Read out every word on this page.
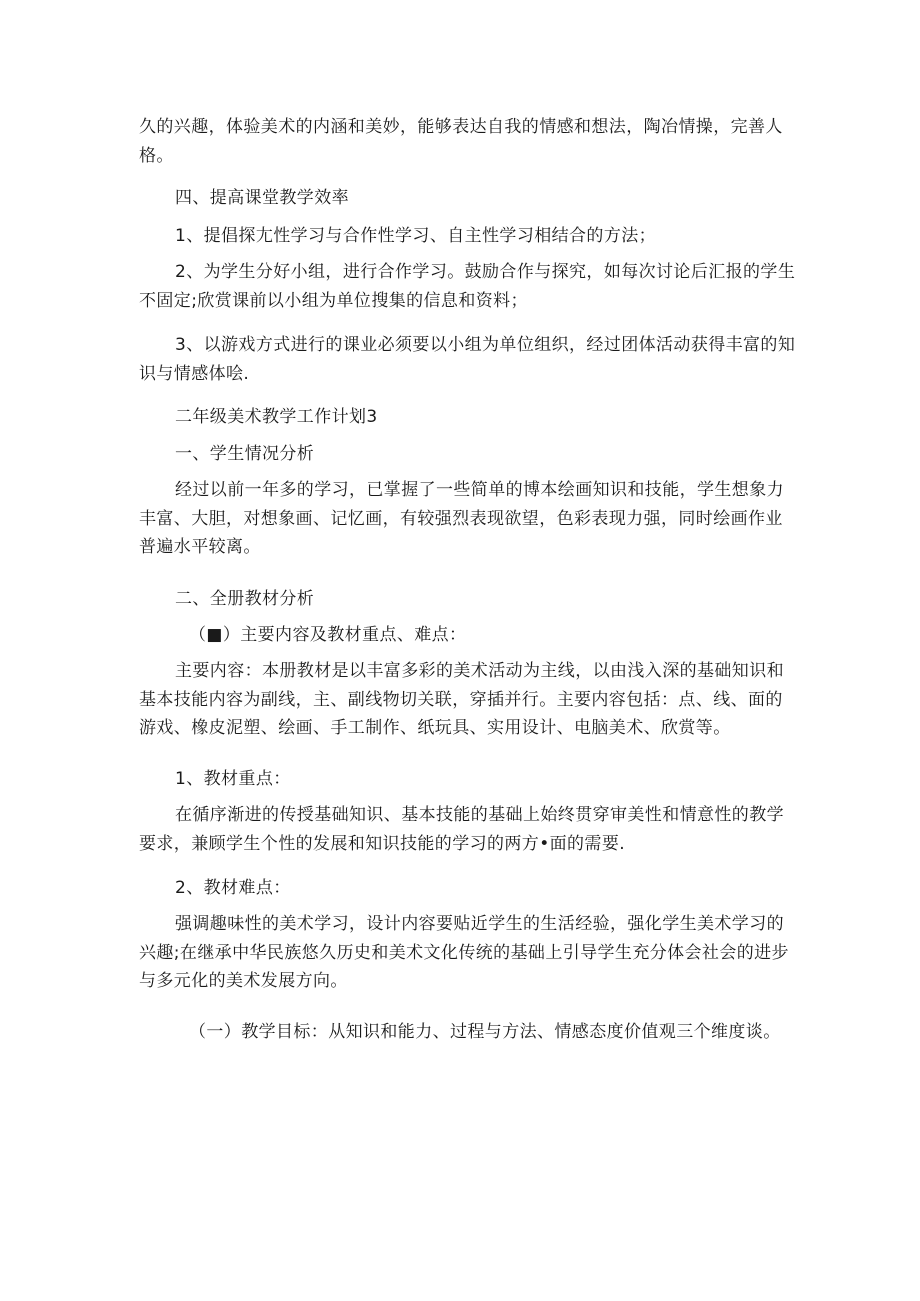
久的兴趣，体验美术的内涵和美妙，能够表达自我的情感和想法，陶冶情操，完善人
格。
四、提高课堂教学效率
1、提倡探尢性学习与合作性学习、自主性学习相结合的方法；
2、为学生分好小组，进行合作学习。鼓励合作与探究，如每次讨论后汇报的学生
不固定;欣赏课前以小组为单位搜集的信息和资料；
3、以游戏方式进行的课业必须要以小组为单位组织，经过团体活动获得丰富的知
识与情感体哙.
二年级美术教学工作计划3
一、学生情况分析
经过以前一年多的学习，已掌握了一些简单的博本绘画知识和技能，学生想象力
丰富、大胆，对想象画、记忆画，有较强烈表现欲望，色彩表现力强，同时绘画作业
普遍水平较离。
二、全册教材分析
（■）主要内容及教材重点、难点：
主要内容：本册教材是以丰富多彩的美术活动为主线，以由浅入深的基础知识和
基本技能内容为副线，主、副线物切关联，穿插并行。主要内容包括：点、线、面的
游戏、橡皮泥塑、绘画、手工制作、纸玩具、实用设计、电脑美术、欣赏等。
1、教材重点：
在循序渐进的传授基础知识、基本技能的基础上始终贯穿审美性和情意性的教学
要求，兼顾学生个性的发展和知识技能的学习的两方•面的需要.
2、教材难点：
强调趣味性的美术学习，设计内容要贴近学生的生活经验，强化学生美术学习的
兴趣;在继承中华民族悠久历史和美术文化传统的基础上引导学生充分体会社会的进步
与多元化的美术发展方向。
（一）教学目标：从知识和能力、过程与方法、情感态度价值观三个维度谈。
